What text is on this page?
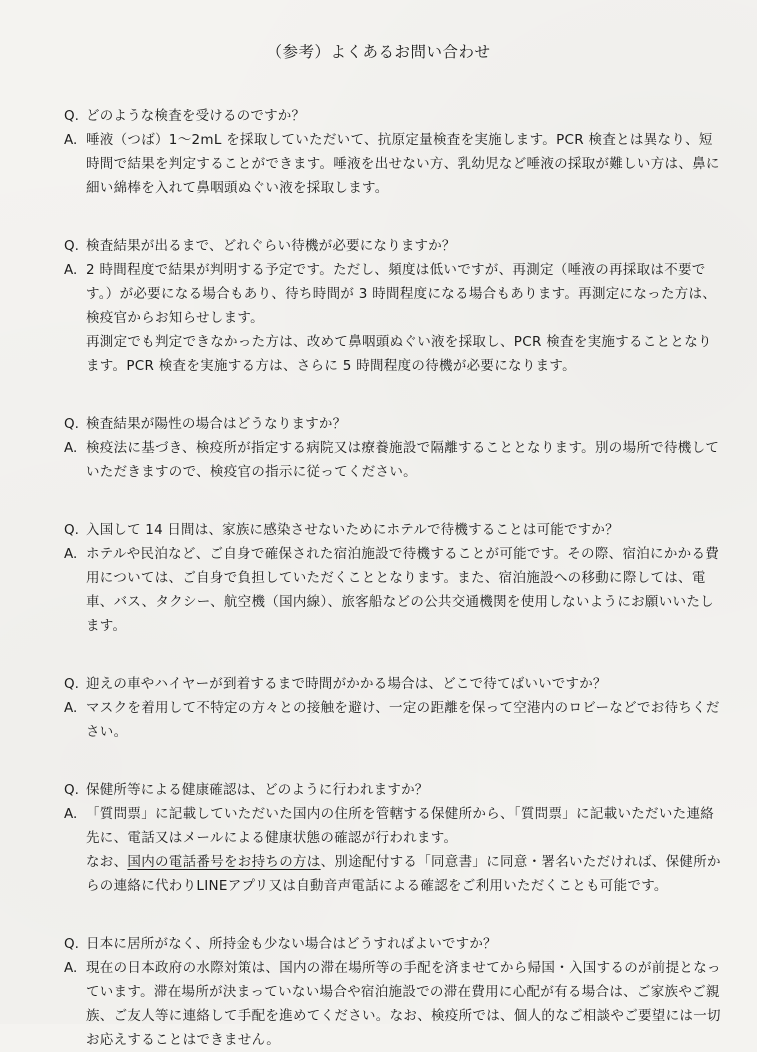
（参考）よくあるお問い合わせ
Q. どのような検査を受けるのですか？
A. 唾液（つば）1～2mL を採取していただいて、抗原定量検査を実施します。PCR 検査とは異なり、短時間で結果を判定することができます。唾液を出せない方、乳幼児など唾液の採取が難しい方は、鼻に細い綿棒を入れて鼻咽頭ぬぐい液を採取します。
Q. 検査結果が出るまで、どれぐらい待機が必要になりますか？
A. 2 時間程度で結果が判明する予定です。ただし、頻度は低いですが、再測定（唾液の再採取は不要です。）が必要になる場合もあり、待ち時間が 3 時間程度になる場合もあります。再測定になった方は、検疫官からお知らせします。
再測定でも判定できなかった方は、改めて鼻咽頭ぬぐい液を採取し、PCR 検査を実施することとなります。PCR 検査を実施する方は、さらに 5 時間程度の待機が必要になります。
Q. 検査結果が陽性の場合はどうなりますか？
A. 検疫法に基づき、検疫所が指定する病院又は療養施設で隔離することとなります。別の場所で待機していただきますので、検疫官の指示に従ってください。
Q. 入国して 14 日間は、家族に感染させないためにホテルで待機することは可能ですか？
A. ホテルや民泊など、ご自身で確保された宿泊施設で待機することが可能です。その際、宿泊にかかる費用については、ご自身で負担していただくこととなります。また、宿泊施設への移動に際しては、電車、バス、タクシー、航空機（国内線）、旅客船などの公共交通機関を使用しないようにお願いいたします。
Q. 迎えの車やハイヤーが到着するまで時間がかかる場合は、どこで待てばいいですか？
A. マスクを着用して不特定の方々との接触を避け、一定の距離を保って空港内のロビーなどでお待ちください。
Q. 保健所等による健康確認は、どのように行われますか？
A. 「質問票」に記載していただいた国内の住所を管轄する保健所から、「質問票」に記載いただいた連絡先に、電話又はメールによる健康状態の確認が行われます。
なお、国内の電話番号をお持ちの方は、別途配付する「同意書」に同意・署名いただければ、保健所からの連絡に代わりLINEアプリ又は自動音声電話による確認をご利用いただくことも可能です。
Q. 日本に居所がなく、所持金も少ない場合はどうすればよいですか？
A. 現在の日本政府の水際対策は、国内の滞在場所等の手配を済ませてから帰国・入国するのが前提となっています。滞在場所が決まっていない場合や宿泊施設での滞在費用に心配が有る場合は、ご家族やご親族、ご友人等に連絡して手配を進めてください。なお、検疫所では、個人的なご相談やご要望には一切お応えすることはできません。
